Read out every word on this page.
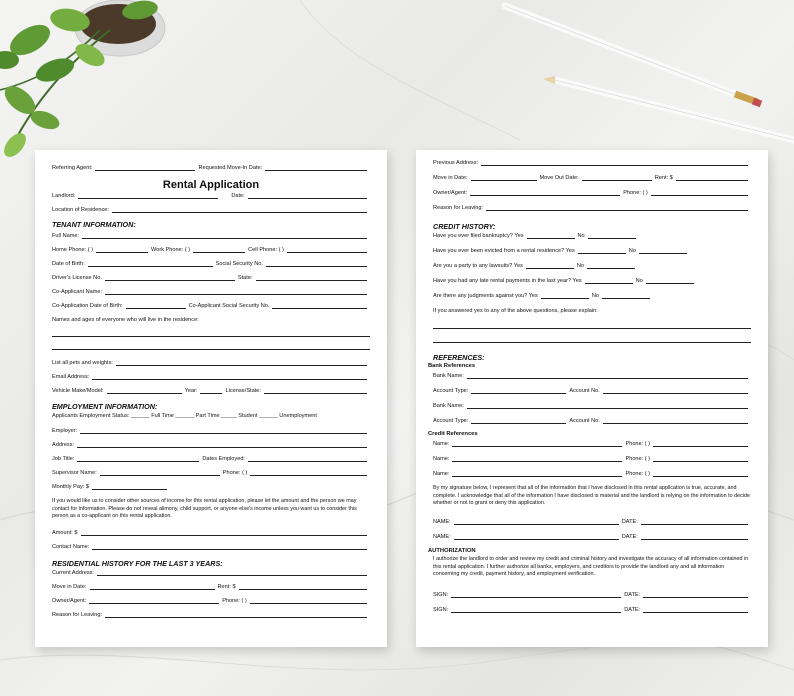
Referring Agent:	Requested Move-In Date:
Rental Application
Landlord:	Date:
Location of Residence:
TENANT INFORMATION:
Full Name:
Home Phone: ( )	Work Phone: ( )	Cell Phone: ( )
Date of Birth:	Social Security No.
Driver's License No.	State:
Co-Applicant Name:
Co-Application Date of Birth:	Co-Applicant Social Security No.
Names and ages of everyone who will live in the residence:
List all pets and weights:
Email Address:
Vehicle Make/Model:	Year:	License/State:
EMPLOYMENT INFORMATION:
Applicants Employment Status: ______ Full Time ______ Part Time _____ Student ______ Unemployment
Employer:
Address:
Job Title:	Dates Employed:
Supervisor Name:	Phone: ( )
Monthly Pay: $
If you would like us to consider other sources of income for this rental application, please let the amount and the person we may contact for information. Please do not reveal alimony, child support, or anyone else's income unless you want us to consider this person as a co-applicant on this rental application.
Amount: $
Contact Name:
RESIDENTIAL HISTORY FOR THE LAST 3 YEARS:
Current Address:
Move in Date:	Rent: $
Owner/Agent:	Phone: ( )
Reason for Leaving:
Previous Address:
Move in Date:	Move Out Date:	Rent: $
Owner/Agent:	Phone: ( )
Reason for Leaving:
CREDIT HISTORY:
Have you ever filed bankruptcy? Yes	No
Have you ever been evicted from a rental residence? Yes	No
Are you a party to any lawsuits? Yes	No
Have you had any late rental payments in the last year? Yes	No
Are there any judgments against you? Yes	No
If you answered yes to any of the above questions, please explain:
REFERENCES:
Bank References
Bank Name:
Account Type:	Account No.
Bank Name:
Account Type:	Account No.
Credit References
Name:	Phone: ( )
Name:	Phone: ( )
Name:	Phone: ( )
By my signature below, I represent that all of the information that I have disclosed in this rental application is true, accurate, and complete. I acknowledge that all of the information I have disclosed is material and the landlord is relying on the information to decide whether or not to grant or deny this application.
NAME:	DATE:
NAME:	DATE:
AUTHORIZATION
I authorize the landlord to order and review my credit and criminal history and investigate the accuracy of all information contained in this rental application. I further authorize all banks, employers, and creditors to provide the landlord any and all information concerning my credit, payment history, and employment verification.
SIGN:	DATE:
SIGN:	DATE:
